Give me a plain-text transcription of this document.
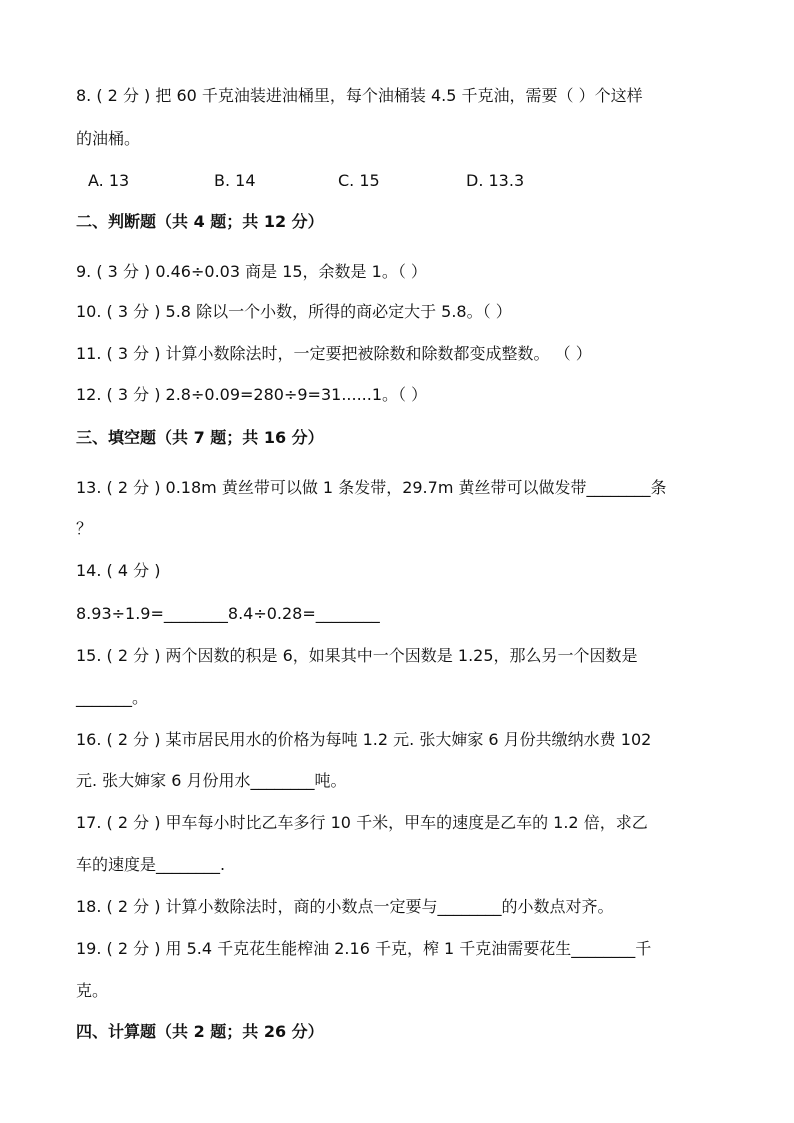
8. ( 2 分 ) 把 60 千克油装进油桶里，每个油桶装 4.5 千克油，需要（ ）个这样
的油桶。
A. 13	B. 14	C. 15	D. 13.3
二、判断题（共 4 题；共 12 分）
9. ( 3 分 ) 0.46÷0.03 商是 15，余数是 1。（ ）
10. ( 3 分 ) 5.8 除以一个小数，所得的商必定大于 5.8。（ ）
11. ( 3 分 ) 计算小数除法时，一定要把被除数和除数都变成整数。 （ ）
12. ( 3 分 ) 2.8÷0.09=280÷9=31......1。（ ）
三、填空题（共 7 题；共 16 分）
13. ( 2 分 ) 0.18m 黄丝带可以做 1 条发带，29.7m 黄丝带可以做发带________条
？
14. ( 4 分 )
8.93÷1.9=________8.4÷0.28=________
15. ( 2 分 ) 两个因数的积是 6，如果其中一个因数是 1.25，那么另一个因数是
_______。
16. ( 2 分 ) 某市居民用水的价格为每吨 1.2 元. 张大婶家 6 月份共缴纳水费 102
元. 张大婶家 6 月份用水________吨。
17. ( 2 分 ) 甲车每小时比乙车多行 10 千米，甲车的速度是乙车的 1.2 倍，求乙
车的速度是________.
18. ( 2 分 ) 计算小数除法时，商的小数点一定要与________的小数点对齐。
19. ( 2 分 ) 用 5.4 千克花生能榨油 2.16 千克，榨 1 千克油需要花生________千
克。
四、计算题（共 2 题；共 26 分）
